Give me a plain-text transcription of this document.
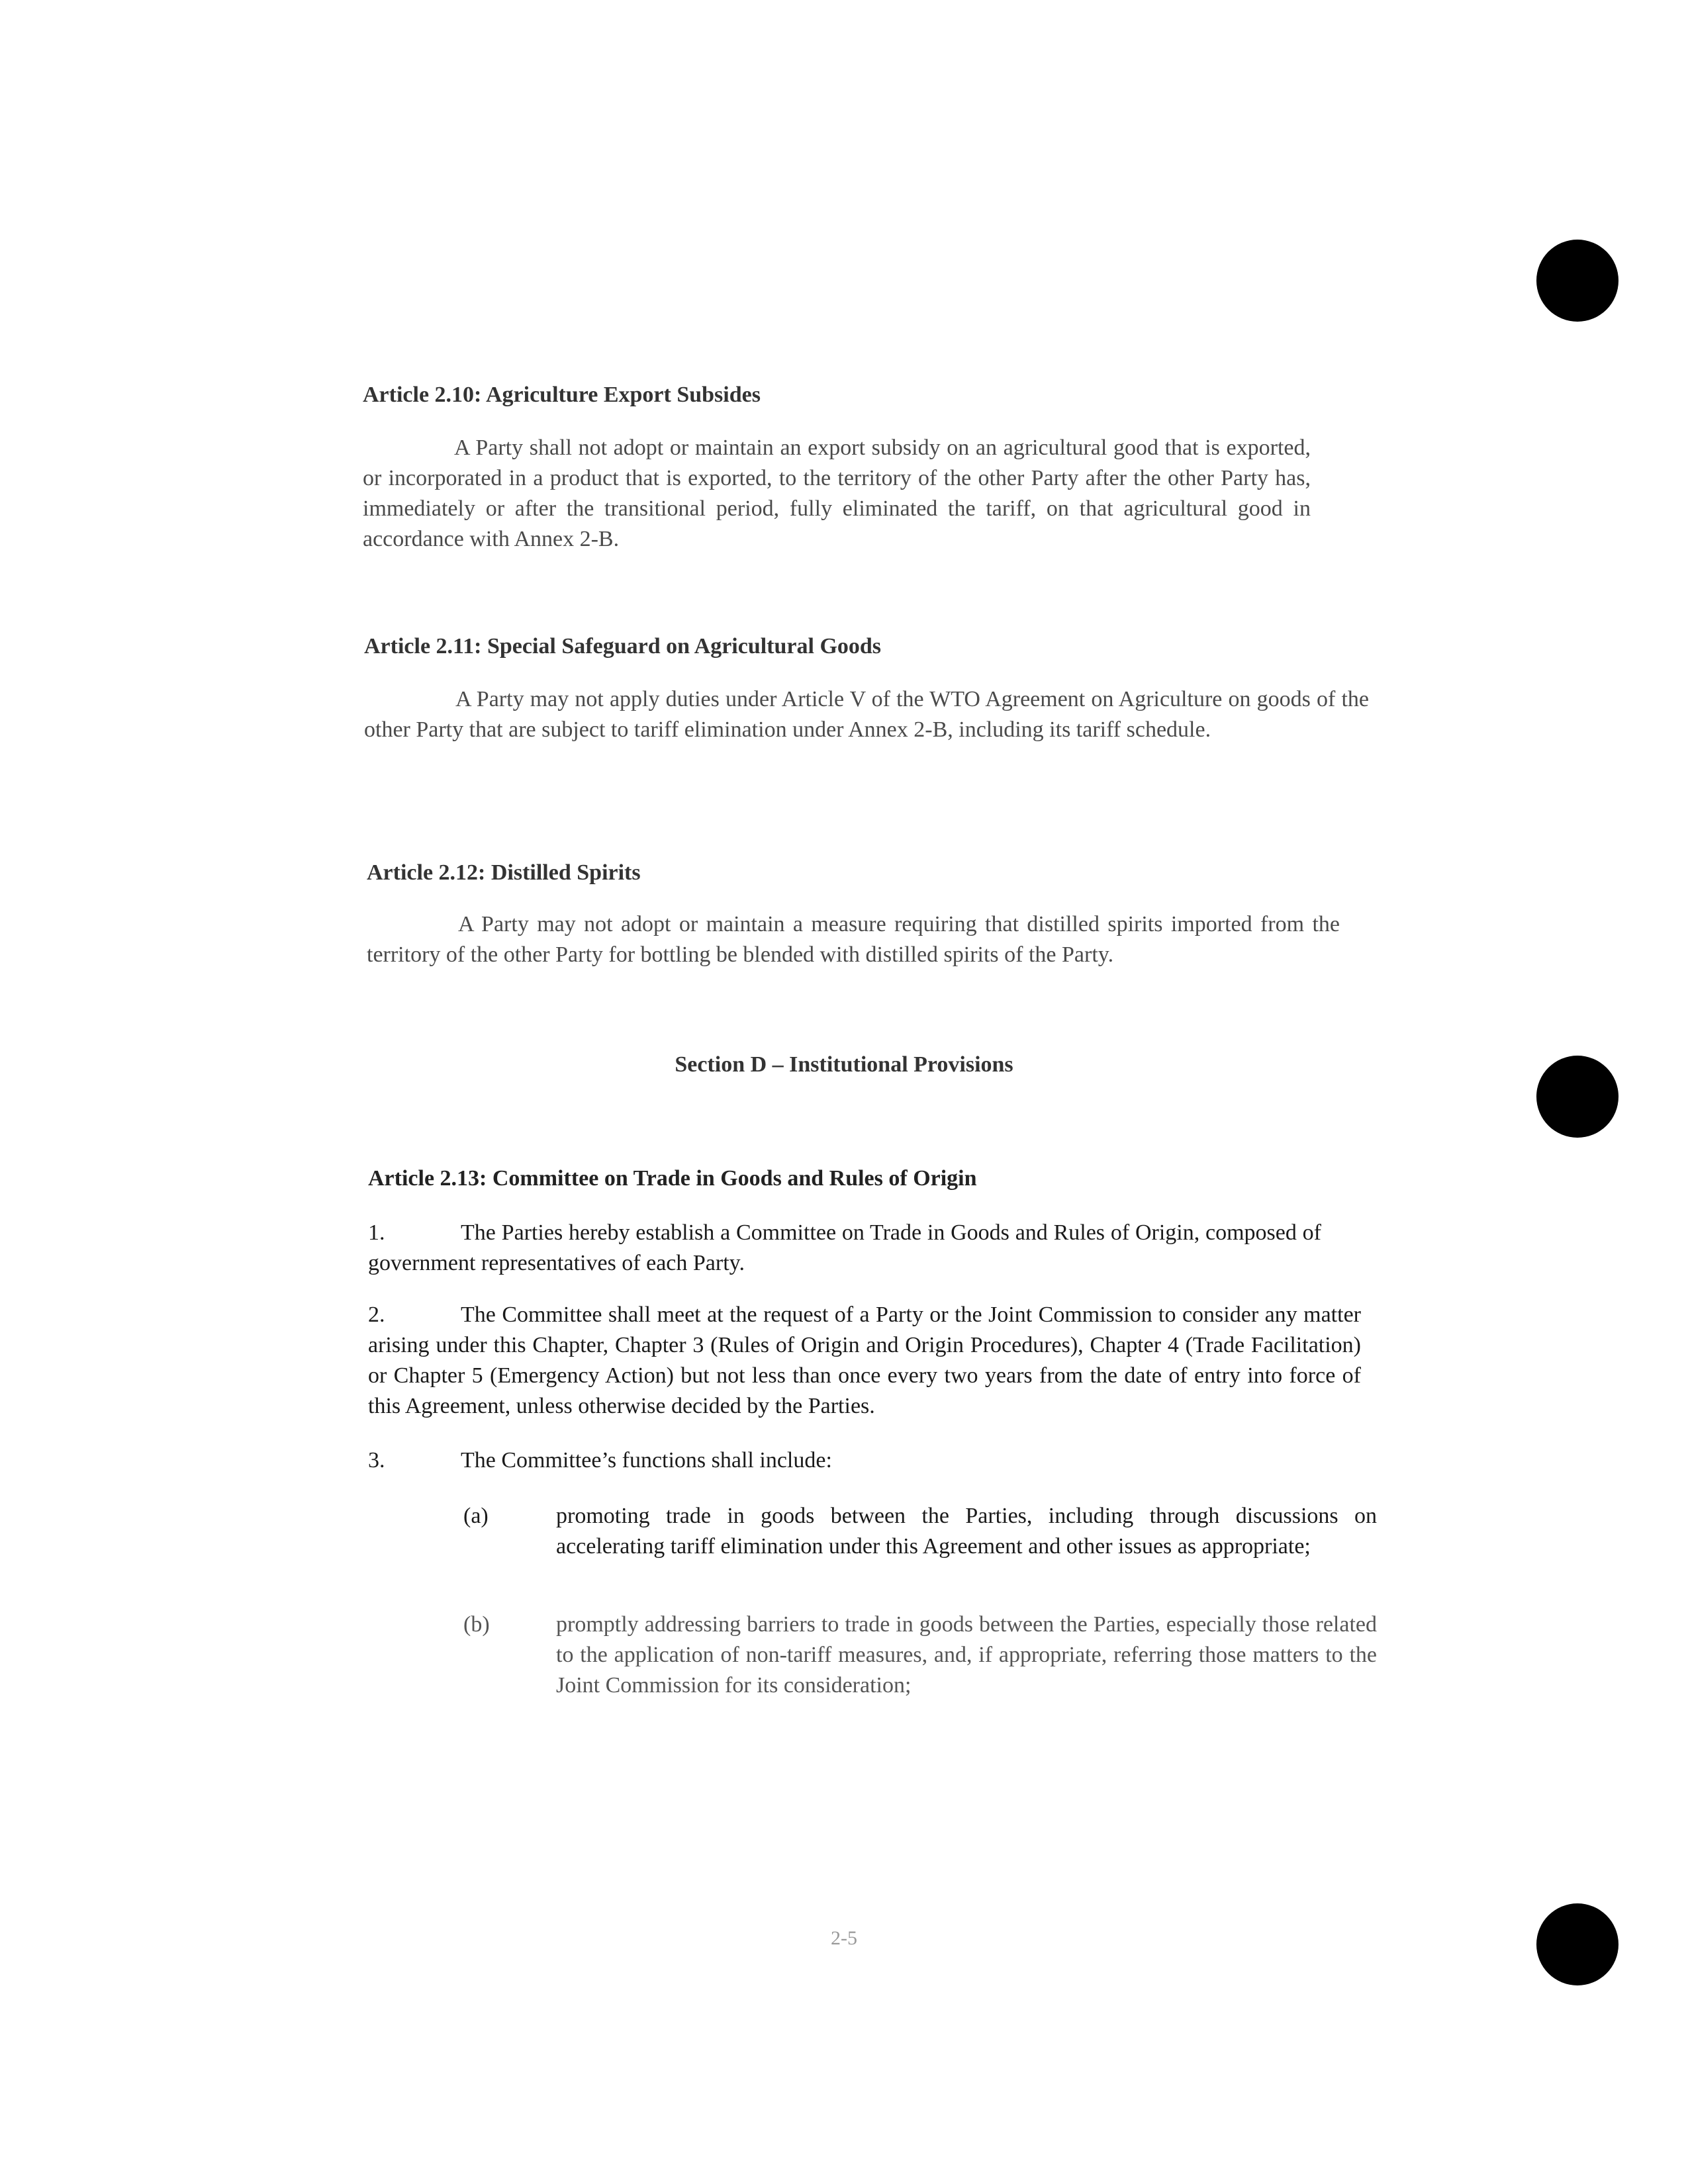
Article 2.10: Agriculture Export Subsides

A Party shall not adopt or maintain an export subsidy on an agricultural good that is exported, or incorporated in a product that is exported, to the territory of the other Party after the other Party has, immediately or after the transitional period, fully eliminated the tariff, on that agricultural good in accordance with Annex 2-B.

Article 2.11: Special Safeguard on Agricultural Goods

A Party may not apply duties under Article V of the WTO Agreement on Agriculture on goods of the other Party that are subject to tariff elimination under Annex 2-B, including its tariff schedule.

Article 2.12: Distilled Spirits

A Party may not adopt or maintain a measure requiring that distilled spirits imported from the territory of the other Party for bottling be blended with distilled spirits of the Party.

Section D – Institutional Provisions
Article 2.13: Committee on Trade in Goods and Rules of Origin
1.	The Parties hereby establish a Committee on Trade in Goods and Rules of Origin, composed of government representatives of each Party.
2.	The Committee shall meet at the request of a Party or the Joint Commission to consider any matter arising under this Chapter, Chapter 3 (Rules of Origin and Origin Procedures), Chapter 4 (Trade Facilitation) or Chapter 5 (Emergency Action) but not less than once every two years from the date of entry into force of this Agreement, unless otherwise decided by the Parties.
3.	The Committee’s functions shall include:
(a)	promoting trade in goods between the Parties, including through discussions on accelerating tariff elimination under this Agreement and other issues as appropriate;
(b)	promptly addressing barriers to trade in goods between the Parties, especially those related to the application of non-tariff measures, and, if appropriate, referring those matters to the Joint Commission for its consideration;
2-5
